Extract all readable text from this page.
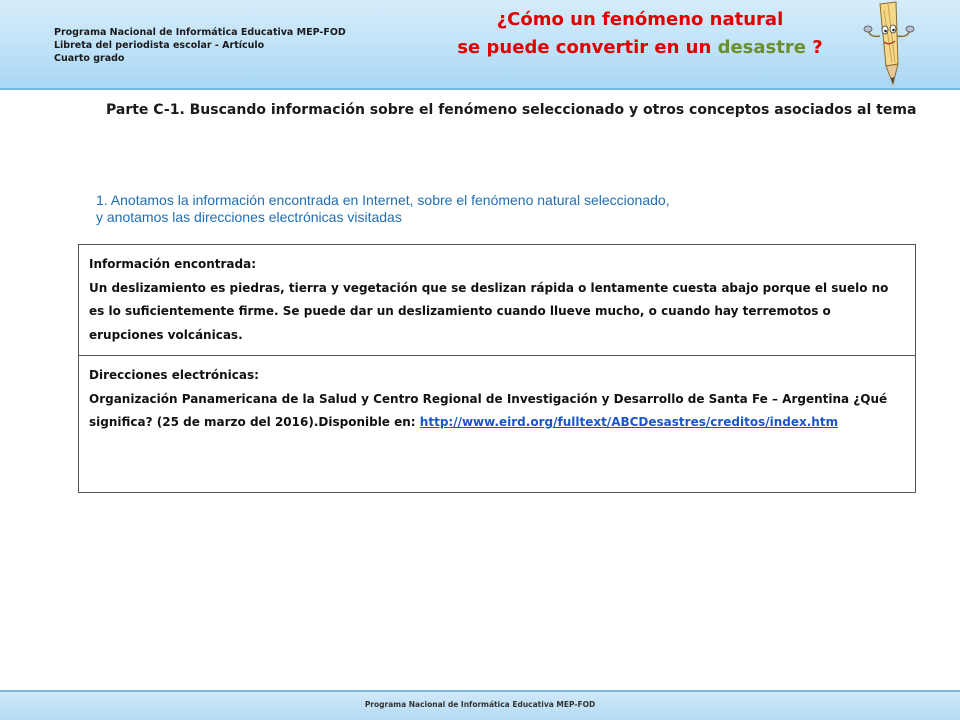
Programa Nacional de Informática Educativa MEP-FOD
Libreta del periodista escolar - Artículo
Cuarto grado
¿Cómo un fenómeno natural
se puede convertir en un desastre ?
Parte C-1. Buscando información sobre el fenómeno seleccionado y otros conceptos asociados al tema
1. Anotamos la información encontrada en Internet, sobre el fenómeno natural seleccionado,
y anotamos las direcciones electrónicas visitadas
Información encontrada:
Un deslizamiento es piedras, tierra y vegetación que se deslizan rápida o lentamente cuesta abajo porque el suelo no es lo suficientemente firme. Se puede dar un deslizamiento cuando llueve mucho, o cuando hay terremotos o erupciones volcánicas.

Direcciones electrónicas:
Organización Panamericana de la Salud y Centro Regional de Investigación y Desarrollo de Santa Fe – Argentina ¿Qué significa? (25 de marzo del 2016).Disponible en: http://www.eird.org/fulltext/ABCDesastres/creditos/index.htm
Programa Nacional de Informática Educativa MEP-FOD
